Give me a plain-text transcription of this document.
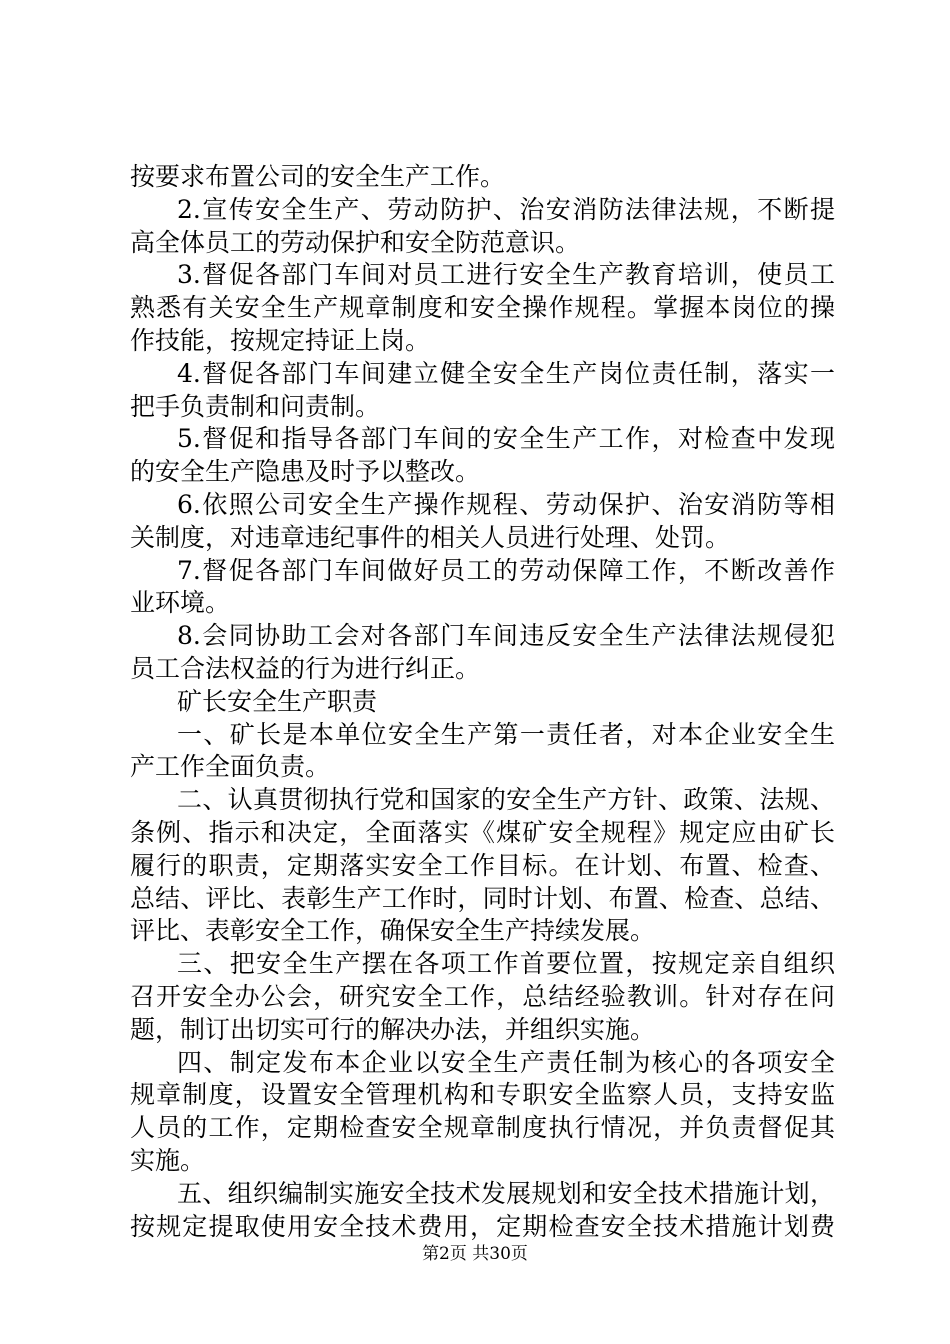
按要求布置公司的安全生产工作。
2.宣传安全生产、劳动防护、治安消防法律法规，不断提
高全体员工的劳动保护和安全防范意识。
3.督促各部门车间对员工进行安全生产教育培训，使员工
熟悉有关安全生产规章制度和安全操作规程。掌握本岗位的操
作技能，按规定持证上岗。
4.督促各部门车间建立健全安全生产岗位责任制，落实一
把手负责制和问责制。
5.督促和指导各部门车间的安全生产工作，对检查中发现
的安全生产隐患及时予以整改。
6.依照公司安全生产操作规程、劳动保护、治安消防等相
关制度，对违章违纪事件的相关人员进行处理、处罚。
7.督促各部门车间做好员工的劳动保障工作，不断改善作
业环境。
8.会同协助工会对各部门车间违反安全生产法律法规侵犯
员工合法权益的行为进行纠正。
矿长安全生产职责
一、矿长是本单位安全生产第一责任者，对本企业安全生
产工作全面负责。
二、认真贯彻执行党和国家的安全生产方针、政策、法规、
条例、指示和决定，全面落实《煤矿安全规程》规定应由矿长
履行的职责，定期落实安全工作目标。在计划、布置、检查、
总结、评比、表彰生产工作时，同时计划、布置、检查、总结、
评比、表彰安全工作，确保安全生产持续发展。
三、把安全生产摆在各项工作首要位置，按规定亲自组织
召开安全办公会，研究安全工作，总结经验教训。针对存在问
题，制订出切实可行的解决办法，并组织实施。
四、制定发布本企业以安全生产责任制为核心的各项安全
规章制度，设置安全管理机构和专职安全监察人员，支持安监
人员的工作，定期检查安全规章制度执行情况，并负责督促其
实施。
五、组织编制实施安全技术发展规划和安全技术措施计划，
按规定提取使用安全技术费用，定期检查安全技术措施计划费
第2页 共30页
